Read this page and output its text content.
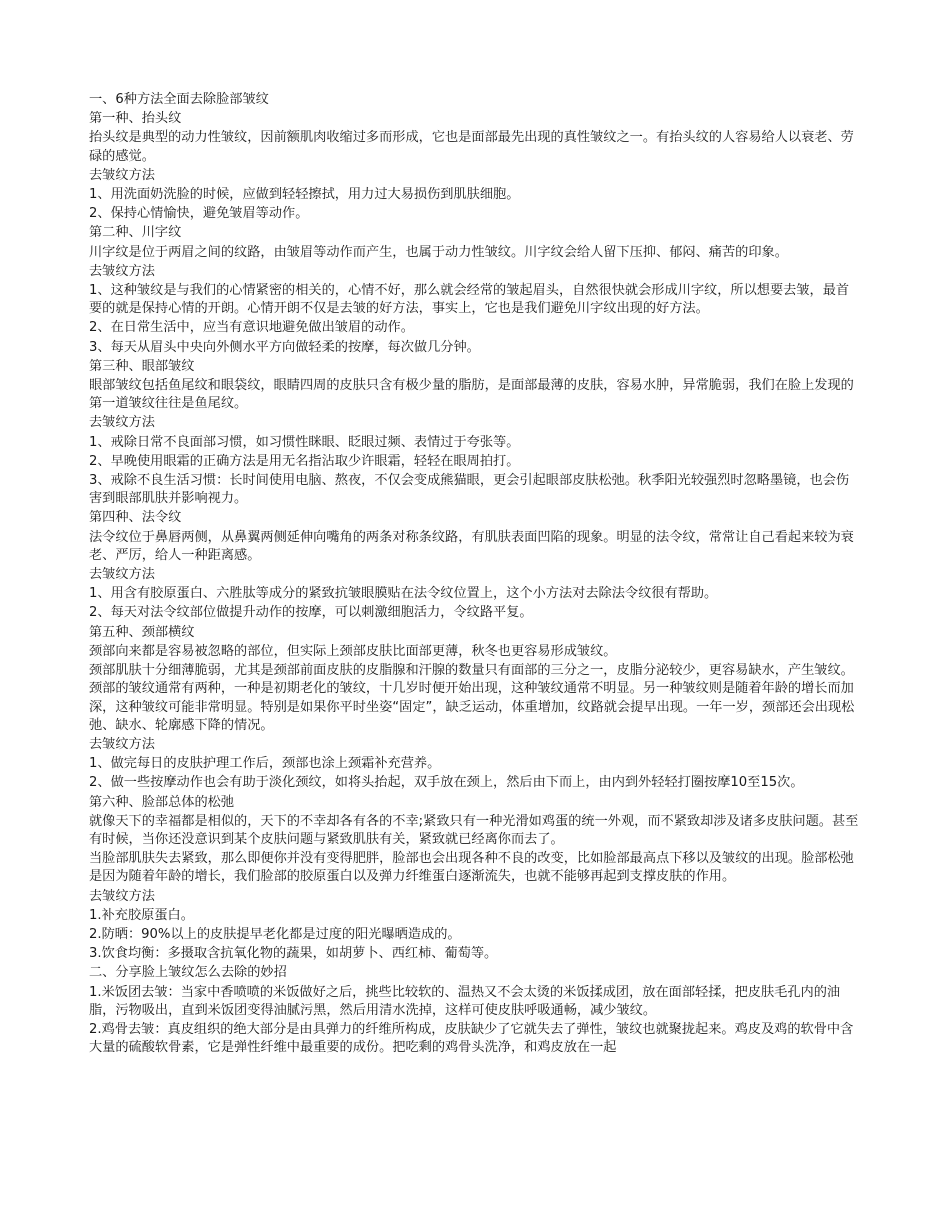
一、6种方法全面去除脸部皱纹

第一种、抬头纹

抬头纹是典型的动力性皱纹，因前额肌肉收缩过多而形成，它也是面部最先出现的真性皱纹之一。有抬头纹的人容易给人以衰老、劳碌的感觉。

去皱纹方法

1、用洗面奶洗脸的时候，应做到轻轻擦拭，用力过大易损伤到肌肤细胞。

2、保持心情愉快，避免皱眉等动作。

第二种、川字纹

川字纹是位于两眉之间的纹路，由皱眉等动作而产生，也属于动力性皱纹。川字纹会给人留下压抑、郁闷、痛苦的印象。

去皱纹方法

1、这种皱纹是与我们的心情紧密的相关的，心情不好，那么就会经常的皱起眉头，自然很快就会形成川字纹，所以想要去皱，最首要的就是保持心情的开朗。心情开朗不仅是去皱的好方法，事实上，它也是我们避免川字纹出现的好方法。

2、在日常生活中，应当有意识地避免做出皱眉的动作。

3、每天从眉头中央向外侧水平方向做轻柔的按摩，每次做几分钟。

第三种、眼部皱纹

眼部皱纹包括鱼尾纹和眼袋纹，眼睛四周的皮肤只含有极少量的脂肪，是面部最薄的皮肤，容易水肿，异常脆弱，我们在脸上发现的第一道皱纹往往是鱼尾纹。

去皱纹方法

1、戒除日常不良面部习惯，如习惯性眯眼、眨眼过频、表情过于夸张等。

2、早晚使用眼霜的正确方法是用无名指沾取少许眼霜，轻轻在眼周拍打。

3、戒除不良生活习惯：长时间使用电脑、熬夜，不仅会变成熊猫眼，更会引起眼部皮肤松弛。秋季阳光较强烈时忽略墨镜，也会伤害到眼部肌肤并影响视力。

第四种、法令纹

法令纹位于鼻唇两侧，从鼻翼两侧延伸向嘴角的两条对称条纹路，有肌肤表面凹陷的现象。明显的法令纹，常常让自己看起来较为衰老、严厉，给人一种距离感。

去皱纹方法

1、用含有胶原蛋白、六胜肽等成分的紧致抗皱眼膜贴在法令纹位置上，这个小方法对去除法令纹很有帮助。

2、每天对法令纹部位做提升动作的按摩，可以刺激细胞活力，令纹路平复。

第五种、颈部横纹

颈部向来都是容易被忽略的部位，但实际上颈部皮肤比面部更薄，秋冬也更容易形成皱纹。

颈部肌肤十分细薄脆弱，尤其是颈部前面皮肤的皮脂腺和汗腺的数量只有面部的三分之一，皮脂分泌较少，更容易缺水，产生皱纹。颈部的皱纹通常有两种，一种是初期老化的皱纹，十几岁时便开始出现，这种皱纹通常不明显。另一种皱纹则是随着年龄的增长而加深，这种皱纹可能非常明显。特别是如果你平时坐姿“固定”，缺乏运动，体重增加，纹路就会提早出现。一年一岁，颈部还会出现松弛、缺水、轮廓感下降的情况。

去皱纹方法

1、做完每日的皮肤护理工作后，颈部也涂上颈霜补充营养。

2、做一些按摩动作也会有助于淡化颈纹，如将头抬起，双手放在颈上，然后由下而上，由内到外轻轻打圈按摩10至15次。

第六种、脸部总体的松弛

就像天下的幸福都是相似的，天下的不幸却各有各的不幸;紧致只有一种光滑如鸡蛋的统一外观，而不紧致却涉及诸多皮肤问题。甚至有时候，当你还没意识到某个皮肤问题与紧致肌肤有关，紧致就已经离你而去了。

当脸部肌肤失去紧致，那么即便你并没有变得肥胖，脸部也会出现各种不良的改变，比如脸部最高点下移以及皱纹的出现。脸部松弛是因为随着年龄的增长，我们脸部的胶原蛋白以及弹力纤维蛋白逐渐流失，也就不能够再起到支撑皮肤的作用。

去皱纹方法

1.补充胶原蛋白。

2.防晒：90%以上的皮肤提早老化都是过度的阳光曝晒造成的。

3.饮食均衡：多摄取含抗氧化物的蔬果，如胡萝卜、西红柿、葡萄等。

二、分享脸上皱纹怎么去除的妙招

1.米饭团去皱：当家中香喷喷的米饭做好之后，挑些比较软的、温热又不会太烫的米饭揉成团，放在面部轻揉，把皮肤毛孔内的油脂，污物吸出，直到米饭团变得油腻污黑，然后用清水洗掉，这样可使皮肤呼吸通畅，减少皱纹。

2.鸡骨去皱：真皮组织的绝大部分是由具弹力的纤维所构成，皮肤缺少了它就失去了弹性，皱纹也就聚拢起来。鸡皮及鸡的软骨中含大量的硫酸软骨素，它是弹性纤维中最重要的成份。把吃剩的鸡骨头洗净，和鸡皮放在一起
